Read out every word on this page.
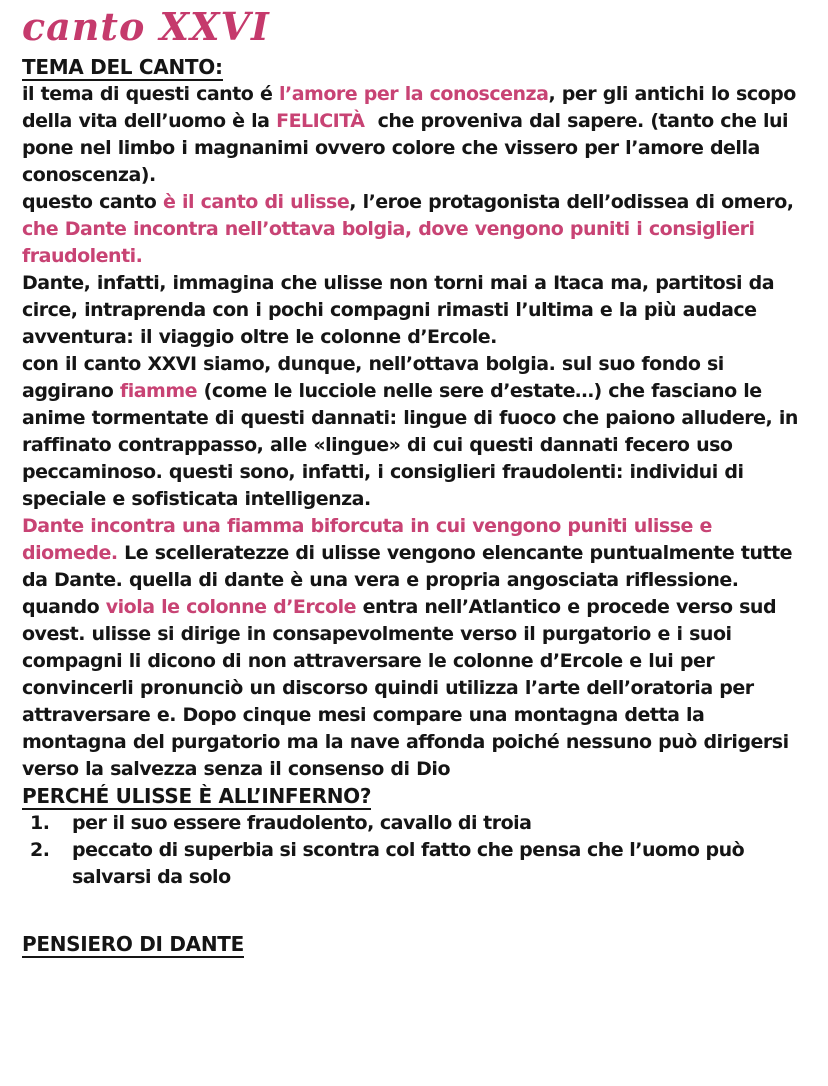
canto XXVI
TEMA DEL CANTO:

il tema di questi canto é l’amore per la conoscenza, per gli antichi lo scopo della vita dell’uomo è la FELICITÀ  che proveniva dal sapere. (tanto che lui pone nel limbo i magnanimi ovvero colore che vissero per l’amore della conoscenza).

questo canto è il canto di ulisse, l’eroe protagonista dell’odissea di omero, che Dante incontra nell’ottava bolgia, dove vengono puniti i consiglieri fraudolenti.

Dante, infatti, immagina che ulisse non torni mai a Itaca ma, partitosi da circe, intraprenda con i pochi compagni rimasti l’ultima e la più audace avventura: il viaggio oltre le colonne d’Ercole.

con il canto XXVI siamo, dunque, nell’ottava bolgia. sul suo fondo si aggirano fiamme (come le lucciole nelle sere d’estate…) che fasciano le anime tormentate di questi dannati: lingue di fuoco che paiono alludere, in raffinato contrappasso, alle «lingue» di cui questi dannati fecero uso peccaminoso. questi sono, infatti, i consiglieri fraudolenti: individui di speciale e sofisticata intelligenza.

Dante incontra una fiamma biforcuta in cui vengono puniti ulisse e diomede. Le scelleratezze di ulisse vengono elencante puntualmente tutte da Dante. quella di dante è una vera e propria angosciata riflessione.

quando viola le colonne d’Ercole entra nell’Atlantico e procede verso sud ovest. ulisse si dirige in consapevolmente verso il purgatorio e i suoi compagni li dicono di non attraversare le colonne d’Ercole e lui per convincerli pronunciò un discorso quindi utilizza l’arte dell’oratoria per attraversare e. Dopo cinque mesi compare una montagna detta la montagna del purgatorio ma la nave affonda poiché nessuno può dirigersi verso la salvezza senza il consenso di Dio

PERCHÉ ULISSE È ALL’INFERNO?
per il suo essere fraudolento, cavallo di troia
peccato di superbia si scontra col fatto che pensa che l’uomo può salvarsi da solo
PENSIERO DI DANTE
